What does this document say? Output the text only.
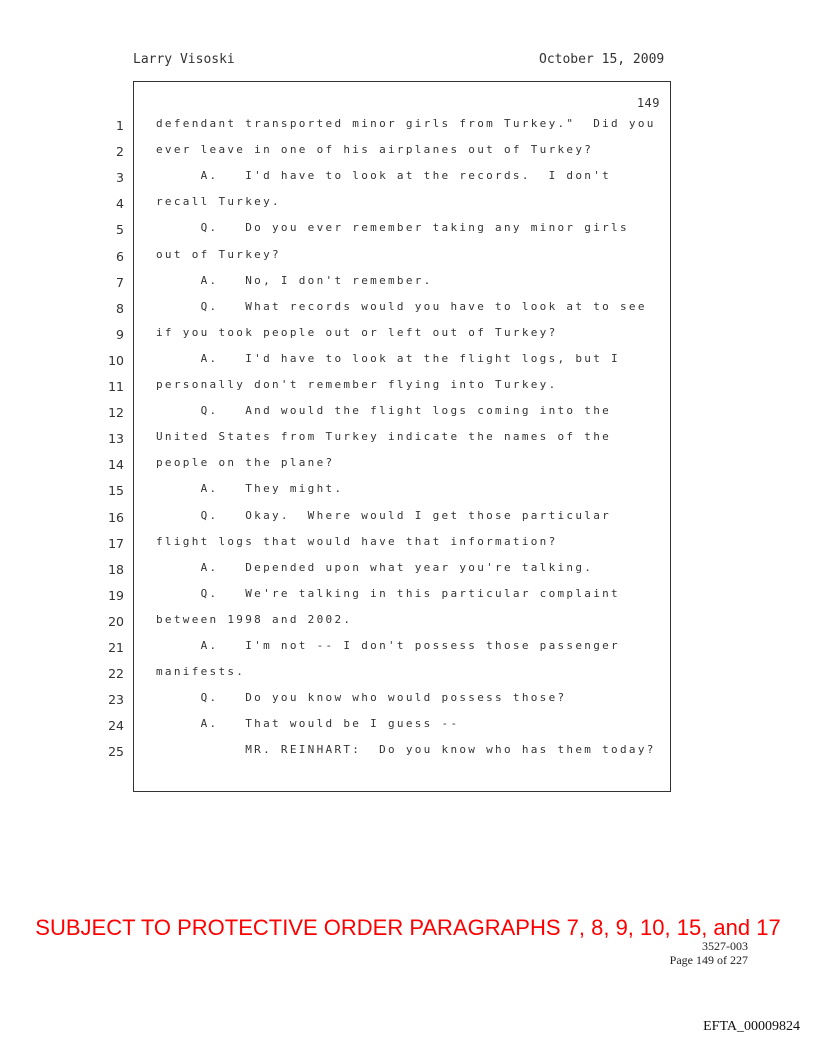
Larry Visoski	October 15, 2009
149
1	defendant transported minor girls from Turkey."  Did you
2	ever leave in one of his airplanes out of Turkey?
3	A.   I'd have to look at the records.  I don't
4	recall Turkey.
5	Q.   Do you ever remember taking any minor girls
6	out of Turkey?
7	A.   No, I don't remember.
8	Q.   What records would you have to look at to see
9	if you took people out or left out of Turkey?
10	A.   I'd have to look at the flight logs, but I
11	personally don't remember flying into Turkey.
12	Q.   And would the flight logs coming into the
13	United States from Turkey indicate the names of the
14	people on the plane?
15	A.   They might.
16	Q.   Okay.  Where would I get those particular
17	flight logs that would have that information?
18	A.   Depended upon what year you're talking.
19	Q.   We're talking in this particular complaint
20	between 1998 and 2002.
21	A.   I'm not -- I don't possess those passenger
22	manifests.
23	Q.   Do you know who would possess those?
24	A.   That would be I guess --
25	MR. REINHART:  Do you know who has them today?
3527-003
Page 149 of 227
SUBJECT TO PROTECTIVE ORDER PARAGRAPHS 7, 8, 9, 10, 15, and 17
EFTA_00009824
